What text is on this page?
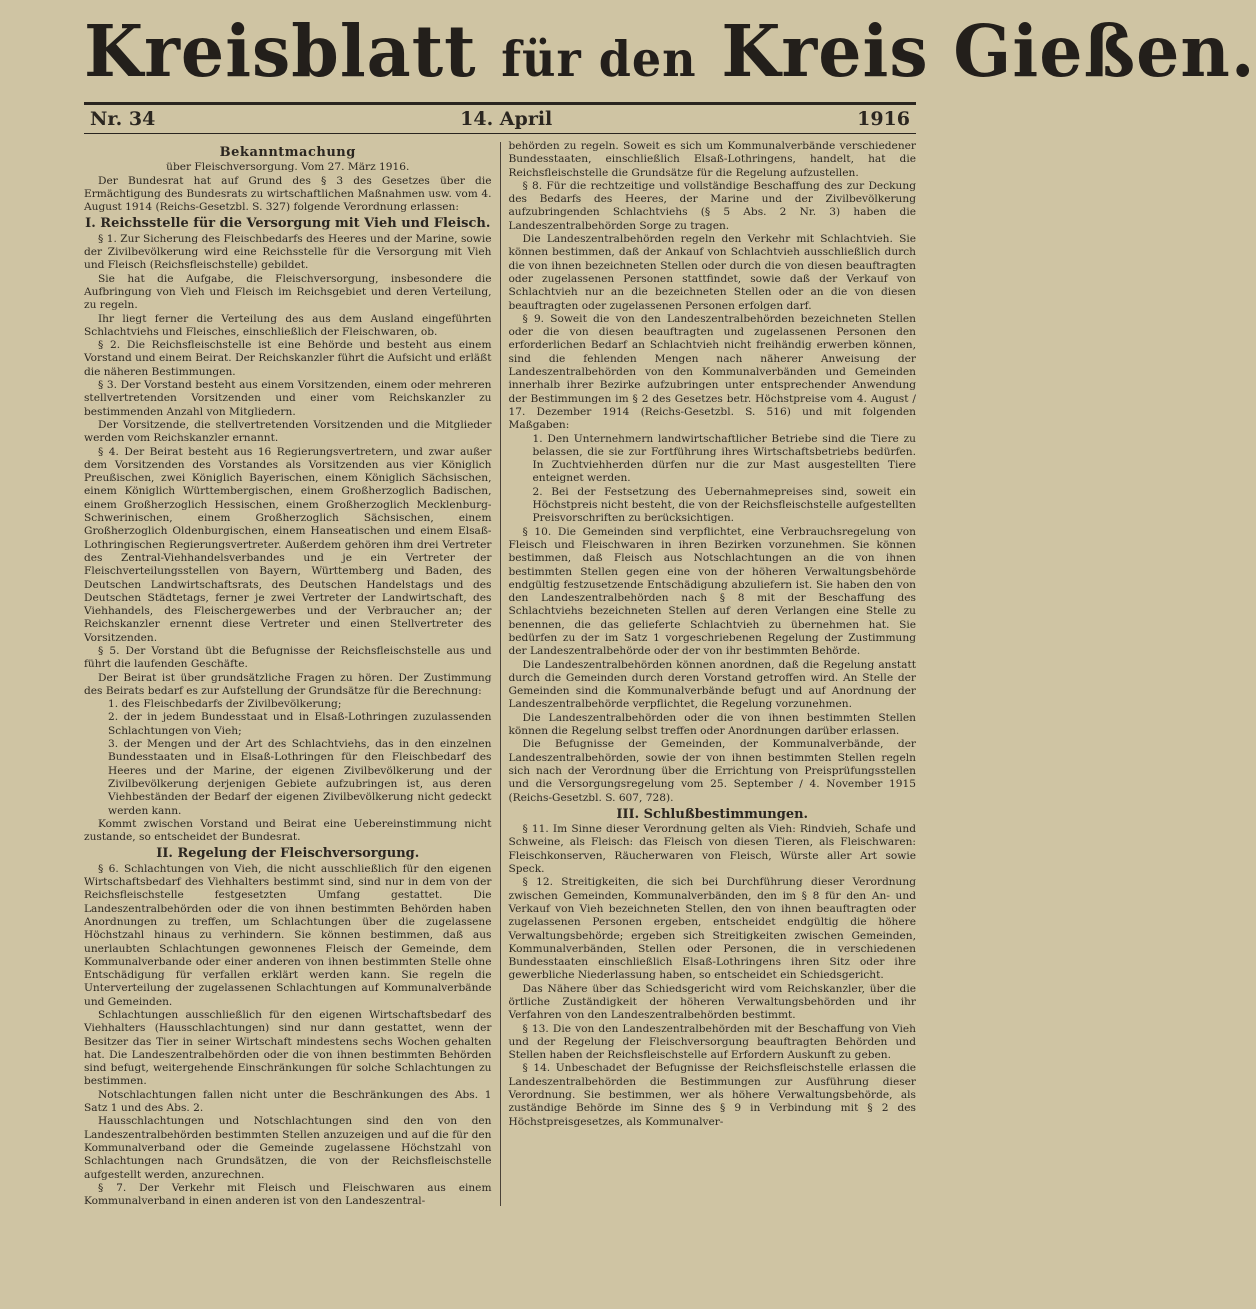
Kreisblatt für den Kreis Gießen.
Nr. 34	14. April	1916
Bekanntmachung
über Fleischversorgung. Vom 27. März 1916.

Der Bundesrat hat auf Grund des § 3 des Gesetzes über die Ermächtigung des Bundesrats zu wirtschaftlichen Maßnahmen usw. vom 4. August 1914 (Reichs-Gesetzbl. S. 327) folgende Verordnung erlassen:

I. Reichsstelle für die Versorgung mit Vieh und Fleisch.

§ 1. Zur Sicherung des Fleischbedarfs des Heeres und der Marine, sowie der Zivilbevölkerung wird eine Reichsstelle für die Versorgung mit Vieh und Fleisch (Reichsfleischstelle) gebildet.

Sie hat die Aufgabe, die Fleischversorgung, insbesondere die Aufbringung von Vieh und Fleisch im Reichsgebiet und deren Verteilung, zu regeln.

Ihr liegt ferner die Verteilung des aus dem Ausland eingeführten Schlachtviehs und Fleisches, einschließlich der Fleischwaren, ob.

§ 2. Die Reichsfleischstelle ist eine Behörde und besteht aus einem Vorstand und einem Beirat. Der Reichskanzler führt die Aufsicht und erläßt die näheren Bestimmungen.

§ 3. Der Vorstand besteht aus einem Vorsitzenden, einem oder mehreren stellvertretenden Vorsitzenden und einer vom Reichskanzler zu bestimmenden Anzahl von Mitgliedern.

Der Vorsitzende, die stellvertretenden Vorsitzenden und die Mitglieder werden vom Reichskanzler ernannt.

§ 4. Der Beirat besteht aus 16 Regierungsvertretern, und zwar außer dem Vorsitzenden des Vorstandes als Vorsitzenden aus vier Königlich Preußischen, zwei Königlich Bayerischen, einem Königlich Sächsischen, einem Königlich Württembergischen, einem Großherzoglich Badischen, einem Großherzoglich Hessischen, einem Großherzoglich Mecklenburg-Schwerinischen, einem Großherzoglich Sächsischen, einem Großherzoglich Oldenburgischen, einem Hanseatischen und einem Elsaß-Lothringischen Regierungsvertreter. Außerdem gehören ihm drei Vertreter des Zentral-Viehhandelsverbandes und je ein Vertreter der Fleischverteilungsstellen von Bayern, Württemberg und Baden, des Deutschen Landwirtschaftsrats, des Deutschen Handelstags und des Deutschen Städtetags, ferner je zwei Vertreter der Landwirtschaft, des Viehhandels, des Fleischergewerbes und der Verbraucher an; der Reichskanzler ernennt diese Vertreter und einen Stellvertreter des Vorsitzenden.

§ 5. Der Vorstand übt die Befugnisse der Reichsfleischstelle aus und führt die laufenden Geschäfte.

Der Beirat ist über grundsätzliche Fragen zu hören. Der Zustimmung des Beirats bedarf es zur Aufstellung der Grundsätze für die Berechnung:

1. des Fleischbedarfs der Zivilbevölkerung;

2. der in jedem Bundesstaat und in Elsaß-Lothringen zuzulassenden Schlachtungen von Vieh;

3. der Mengen und der Art des Schlachtviehs, das in den einzelnen Bundesstaaten und in Elsaß-Lothringen für den Fleischbedarf des Heeres und der Marine, der eigenen Zivilbevölkerung und der Zivilbevölkerung derjenigen Gebiete aufzubringen ist, aus deren Viehbeständen der Bedarf der eigenen Zivilbevölkerung nicht gedeckt werden kann.

Kommt zwischen Vorstand und Beirat eine Uebereinstimmung nicht zustande, so entscheidet der Bundesrat.

II. Regelung der Fleischversorgung.

§ 6. Schlachtungen von Vieh, die nicht ausschließlich für den eigenen Wirtschaftsbedarf des Viehhalters bestimmt sind, sind nur in dem von der Reichsfleischstelle festgesetzten Umfang gestattet. Die Landeszentralbehörden oder die von ihnen bestimmten Behörden haben Anordnungen zu treffen, um Schlachtungen über die zugelassene Höchstzahl hinaus zu verhindern. Sie können bestimmen, daß aus unerlaubten Schlachtungen gewonnenes Fleisch der Gemeinde, dem Kommunalverbande oder einer anderen von ihnen bestimmten Stelle ohne Entschädigung für verfallen erklärt werden kann. Sie regeln die Unterverteilung der zugelassenen Schlachtungen auf Kommunalverbände und Gemeinden.

Schlachtungen ausschließlich für den eigenen Wirtschaftsbedarf des Viehhalters (Hausschlachtungen) sind nur dann gestattet, wenn der Besitzer das Tier in seiner Wirtschaft mindestens sechs Wochen gehalten hat. Die Landeszentralbehörden oder die von ihnen bestimmten Behörden sind befugt, weitergehende Einschränkungen für solche Schlachtungen zu bestimmen.

Notschlachtungen fallen nicht unter die Beschränkungen des Abs. 1 Satz 1 und des Abs. 2.

Hausschlachtungen und Notschlachtungen sind den von den Landeszentralbehörden bestimmten Stellen anzuzeigen und auf die für den Kommunalverband oder die Gemeinde zugelassene Höchstzahl von Schlachtungen nach Grundsätzen, die von der Reichsfleischstelle aufgestellt werden, anzurechnen.

§ 7. Der Verkehr mit Fleisch und Fleischwaren aus einem Kommunalverband in einen anderen ist von den Landeszentral-

behörden zu regeln. Soweit es sich um Kommunalverbände verschiedener Bundesstaaten, einschließlich Elsaß-Lothringens, handelt, hat die Reichsfleischstelle die Grundsätze für die Regelung aufzustellen.

§ 8. Für die rechtzeitige und vollständige Beschaffung des zur Deckung des Bedarfs des Heeres, der Marine und der Zivilbevölkerung aufzubringenden Schlachtviehs (§ 5 Abs. 2 Nr. 3) haben die Landeszentralbehörden Sorge zu tragen.

Die Landeszentralbehörden regeln den Verkehr mit Schlachtvieh. Sie können bestimmen, daß der Ankauf von Schlachtvieh ausschließlich durch die von ihnen bezeichneten Stellen oder durch die von diesen beauftragten oder zugelassenen Personen stattfindet, sowie daß der Verkauf von Schlachtvieh nur an die bezeichneten Stellen oder an die von diesen beauftragten oder zugelassenen Personen erfolgen darf.

§ 9. Soweit die von den Landeszentralbehörden bezeichneten Stellen oder die von diesen beauftragten und zugelassenen Personen den erforderlichen Bedarf an Schlachtvieh nicht freihändig erwerben können, sind die fehlenden Mengen nach näherer Anweisung der Landeszentralbehörden von den Kommunalverbänden und Gemeinden innerhalb ihrer Bezirke aufzubringen unter entsprechender Anwendung der Bestimmungen im § 2 des Gesetzes betr. Höchstpreise vom 4. August / 17. Dezember 1914 (Reichs-Gesetzbl. S. 516) und mit folgenden Maßgaben:

1. Den Unternehmern landwirtschaftlicher Betriebe sind die Tiere zu belassen, die sie zur Fortführung ihres Wirtschaftsbetriebs bedürfen. In Zuchtviehherden dürfen nur die zur Mast ausgestellten Tiere enteignet werden.

2. Bei der Festsetzung des Uebernahmepreises sind, soweit ein Höchstpreis nicht besteht, die von der Reichsfleischstelle aufgestellten Preisvorschriften zu berücksichtigen.

§ 10. Die Gemeinden sind verpflichtet, eine Verbrauchsregelung von Fleisch und Fleischwaren in ihren Bezirken vorzunehmen. Sie können bestimmen, daß Fleisch aus Notschlachtungen an die von ihnen bestimmten Stellen gegen eine von der höheren Verwaltungsbehörde endgültig festzusetzende Entschädigung abzuliefern ist. Sie haben den von den Landeszentralbehörden nach § 8 mit der Beschaffung des Schlachtviehs bezeichneten Stellen auf deren Verlangen eine Stelle zu benennen, die das gelieferte Schlachtvieh zu übernehmen hat. Sie bedürfen zu der im Satz 1 vorgeschriebenen Regelung der Zustimmung der Landeszentralbehörde oder der von ihr bestimmten Behörde.

Die Landeszentralbehörden können anordnen, daß die Regelung anstatt durch die Gemeinden durch deren Vorstand getroffen wird. An Stelle der Gemeinden sind die Kommunalverbände befugt und auf Anordnung der Landeszentralbehörde verpflichtet, die Regelung vorzunehmen.

Die Landeszentralbehörden oder die von ihnen bestimmten Stellen können die Regelung selbst treffen oder Anordnungen darüber erlassen.

Die Befugnisse der Gemeinden, der Kommunalverbände, der Landeszentralbehörden, sowie der von ihnen bestimmten Stellen regeln sich nach der Verordnung über die Errichtung von Preisprüfungsstellen und die Versorgungsregelung vom 25. September / 4. November 1915 (Reichs-Gesetzbl. S. 607, 728).

III. Schlußbestimmungen.

§ 11. Im Sinne dieser Verordnung gelten als Vieh: Rindvieh, Schafe und Schweine, als Fleisch: das Fleisch von diesen Tieren, als Fleischwaren: Fleischkonserven, Räucherwaren von Fleisch, Würste aller Art sowie Speck.

§ 12. Streitigkeiten, die sich bei Durchführung dieser Verordnung zwischen Gemeinden, Kommunalverbänden, den im § 8 für den An- und Verkauf von Vieh bezeichneten Stellen, den von ihnen beauftragten oder zugelassenen Personen ergeben, entscheidet endgültig die höhere Verwaltungsbehörde; ergeben sich Streitigkeiten zwischen Gemeinden, Kommunalverbänden, Stellen oder Personen, die in verschiedenen Bundesstaaten einschließlich Elsaß-Lothringens ihren Sitz oder ihre gewerbliche Niederlassung haben, so entscheidet ein Schiedsgericht.

Das Nähere über das Schiedsgericht wird vom Reichskanzler, über die örtliche Zuständigkeit der höheren Verwaltungsbehörden und ihr Verfahren von den Landeszentralbehörden bestimmt.

§ 13. Die von den Landeszentralbehörden mit der Beschaffung von Vieh und der Regelung der Fleischversorgung beauftragten Behörden und Stellen haben der Reichsfleischstelle auf Erfordern Auskunft zu geben.

§ 14. Unbeschadet der Befugnisse der Reichsfleischstelle erlassen die Landeszentralbehörden die Bestimmungen zur Ausführung dieser Verordnung. Sie bestimmen, wer als höhere Verwaltungsbehörde, als zuständige Behörde im Sinne des § 9 in Verbindung mit § 2 des Höchstpreisgesetzes, als Kommunalver-
